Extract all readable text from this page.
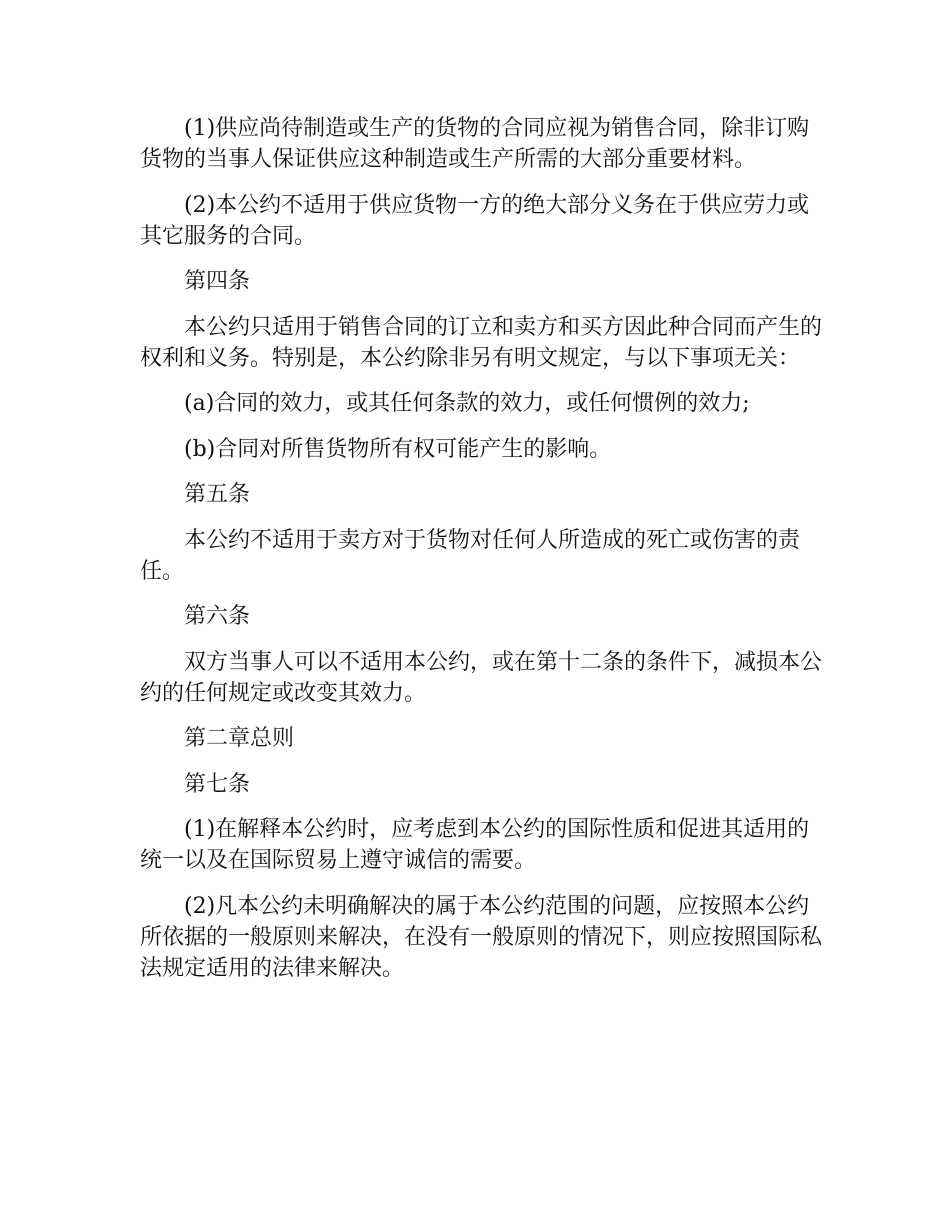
(1)供应尚待制造或生产的货物的合同应视为销售合同，除非订购货物的当事人保证供应这种制造或生产所需的大部分重要材料。

(2)本公约不适用于供应货物一方的绝大部分义务在于供应劳力或其它服务的合同。

第四条

本公约只适用于销售合同的订立和卖方和买方因此种合同而产生的权利和义务。特别是，本公约除非另有明文规定，与以下事项无关：

(a)合同的效力，或其任何条款的效力，或任何惯例的效力;

(b)合同对所售货物所有权可能产生的影响。

第五条

本公约不适用于卖方对于货物对任何人所造成的死亡或伤害的责任。

第六条

双方当事人可以不适用本公约，或在第十二条的条件下，减损本公约的任何规定或改变其效力。

第二章总则

第七条

(1)在解释本公约时，应考虑到本公约的国际性质和促进其适用的统一以及在国际贸易上遵守诚信的需要。

(2)凡本公约未明确解决的属于本公约范围的问题，应按照本公约所依据的一般原则来解决，在没有一般原则的情况下，则应按照国际私法规定适用的法律来解决。
